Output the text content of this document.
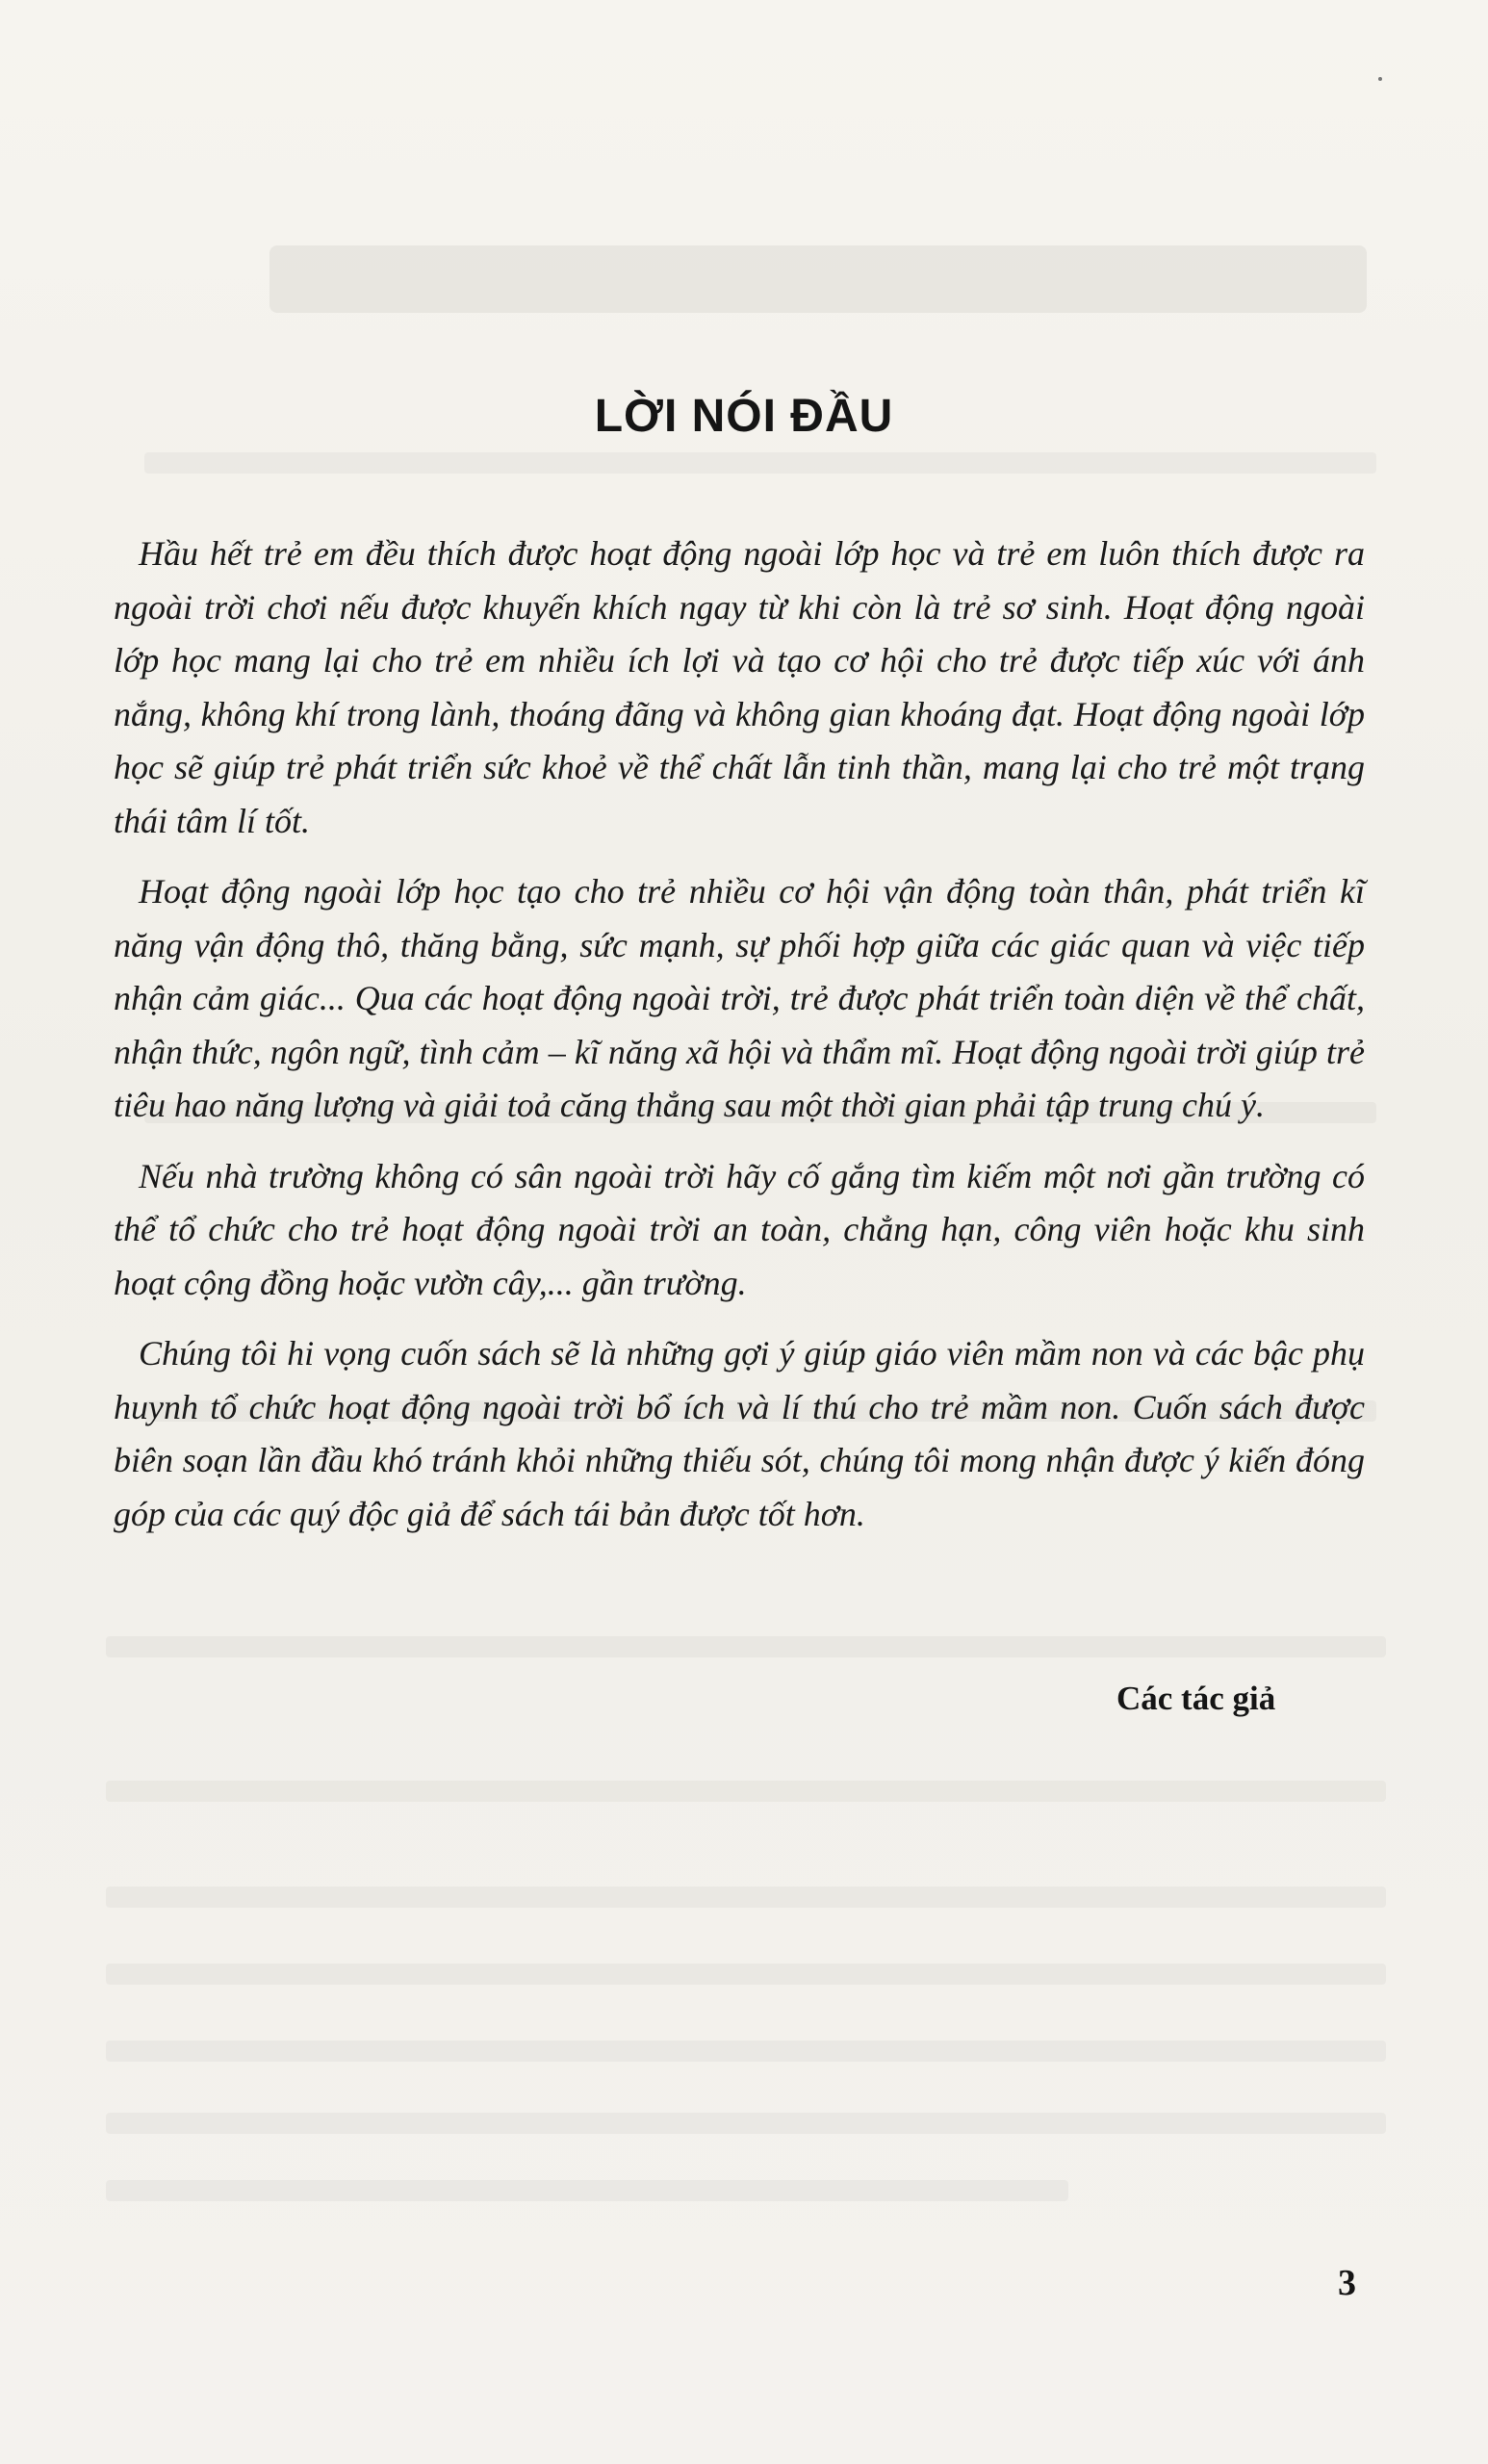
LỜI NÓI ĐẦU

Hầu hết trẻ em đều thích được hoạt động ngoài lớp học và trẻ em luôn thích được ra ngoài trời chơi nếu được khuyến khích ngay từ khi còn là trẻ sơ sinh. Hoạt động ngoài lớp học mang lại cho trẻ em nhiều ích lợi và tạo cơ hội cho trẻ được tiếp xúc với ánh nắng, không khí trong lành, thoáng đãng và không gian khoáng đạt. Hoạt động ngoài lớp học sẽ giúp trẻ phát triển sức khoẻ về thể chất lẫn tinh thần, mang lại cho trẻ một trạng thái tâm lí tốt.

Hoạt động ngoài lớp học tạo cho trẻ nhiều cơ hội vận động toàn thân, phát triển kĩ năng vận động thô, thăng bằng, sức mạnh, sự phối hợp giữa các giác quan và việc tiếp nhận cảm giác... Qua các hoạt động ngoài trời, trẻ được phát triển toàn diện về thể chất, nhận thức, ngôn ngữ, tình cảm – kĩ năng xã hội và thẩm mĩ. Hoạt động ngoài trời giúp trẻ tiêu hao năng lượng và giải toả căng thẳng sau một thời gian phải tập trung chú ý.

Nếu nhà trường không có sân ngoài trời hãy cố gắng tìm kiếm một nơi gần trường có thể tổ chức cho trẻ hoạt động ngoài trời an toàn, chẳng hạn, công viên hoặc khu sinh hoạt cộng đồng hoặc vườn cây,... gần trường.

Chúng tôi hi vọng cuốn sách sẽ là những gợi ý giúp giáo viên mầm non và các bậc phụ huynh tổ chức hoạt động ngoài trời bổ ích và lí thú cho trẻ mầm non. Cuốn sách được biên soạn lần đầu khó tránh khỏi những thiếu sót, chúng tôi mong nhận được ý kiến đóng góp của các quý độc giả để sách tái bản được tốt hơn.

Các tác giả
3
